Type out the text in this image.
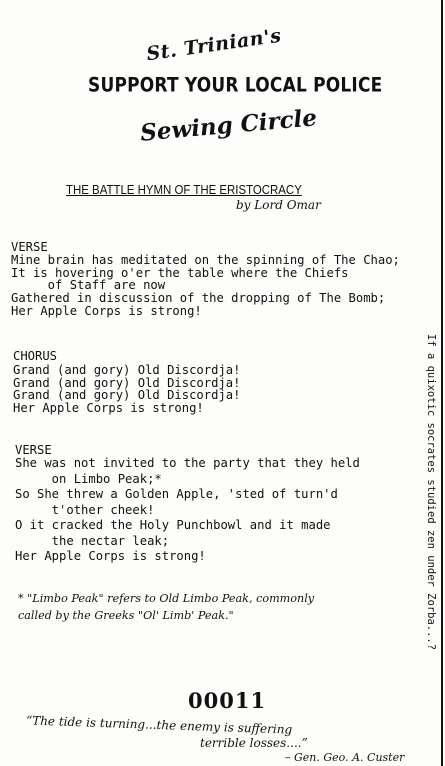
St. Trinian's
SUPPORT YOUR LOCAL POLICE
Sewing Circle
THE BATTLE HYMN OF THE ERISTOCRACY
by Lord Omar
VERSE
Mine brain has meditated on the spinning of The Chao;
It is hovering o'er the table where the Chiefs
of Staff are now
Gathered in discussion of the dropping of The Bomb;
Her Apple Corps is strong!
CHORUS
Grand (and gory) Old Discordja!
Grand (and gory) Old Discordja!
Grand (and gory) Old Discordja!
Her Apple Corps is strong!
VERSE
She was not invited to the party that they held
on Limbo Peak;*
So She threw a Golden Apple, 'sted of turn'd
t'other cheek!
O it cracked the Holy Punchbowl and it made
the nectar leak;
Her Apple Corps is strong!
* "Limbo Peak" refers to Old Limbo Peak, commonly
called by the Greeks "Ol' Limb' Peak."
00011
“The tide is turning...the enemy is suffering
terrible losses....”
– Gen. Geo. A. Custer
If a quixotic socrates studied zen under Zorba...?
